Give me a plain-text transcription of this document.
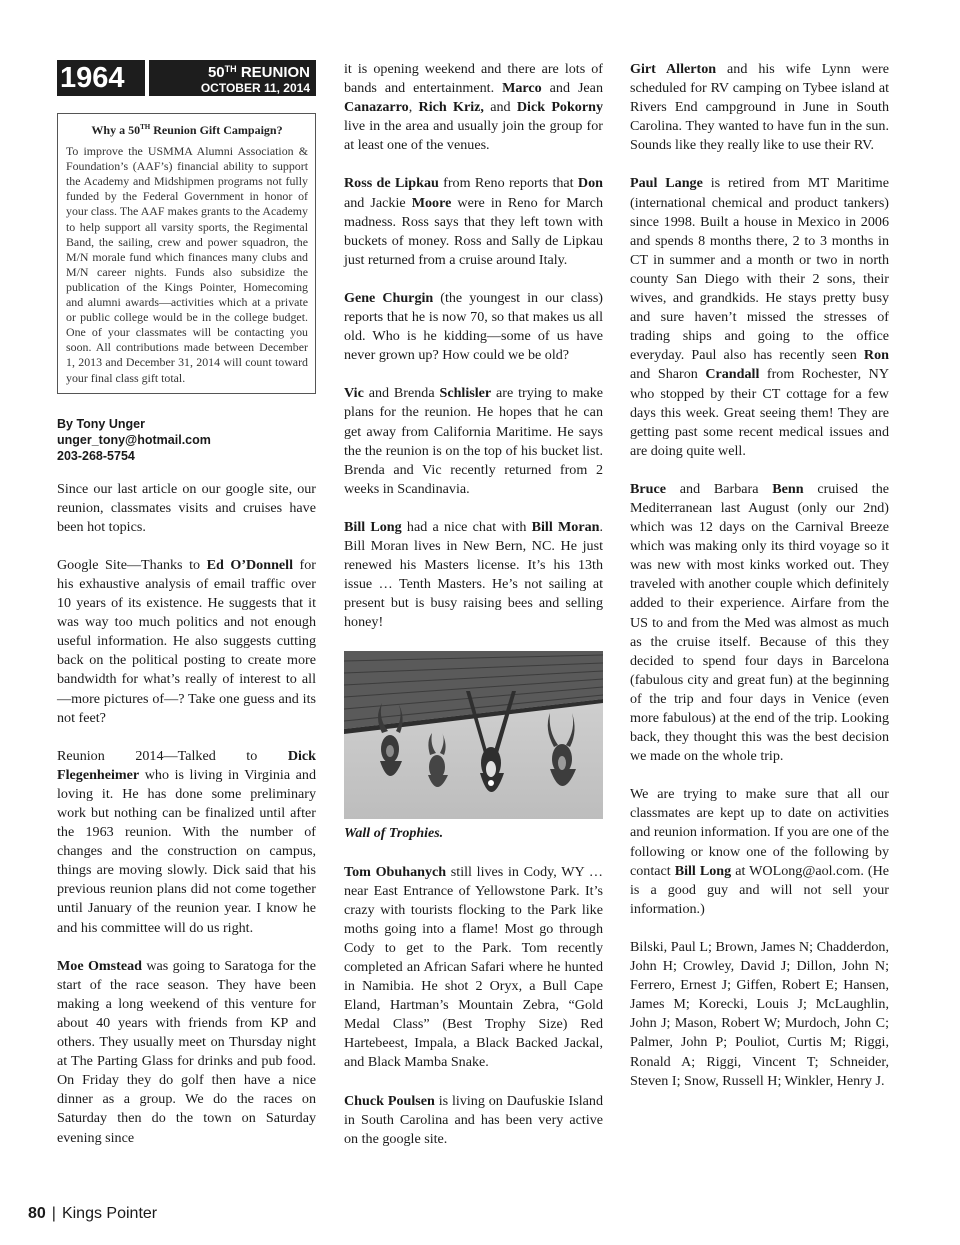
1964	50TH REUNION
OCTOBER 11, 2014
Why a 50TH Reunion Gift Campaign?
To improve the USMMA Alumni Association & Foundation’s (AAF’s) financial ability to support the Academy and Midshipmen programs not fully funded by the Federal Government in honor of your class. The AAF makes grants to the Academy to help support all varsity sports, the Regimental Band, the sailing, crew and power squadron, the M/N morale fund which finances many clubs and M/N career nights. Funds also subsidize the publication of the Kings Pointer, Homecoming and alumni awards—activities which at a private or public college would be in the college budget. One of your classmates will be contacting you soon. All contributions made between December 1, 2013 and December 31, 2014 will count toward your final class gift total.
By Tony Unger
unger_tony@hotmail.com
203-268-5754

Since our last article on our google site, our reunion, classmates visits and cruises have been hot topics.

Google Site—Thanks to Ed O’Donnell for his exhaustive analysis of email traffic over 10 years of its existence. He suggests that it was way too much politics and not enough useful information. He also suggests cutting back on the political posting to create more bandwidth for what’s really of interest to all—more pictures of—? Take one guess and its not feet?

Reunion 2014—Talked to Dick Flegenheimer who is living in Virginia and loving it. He has done some preliminary work but nothing can be finalized until after the 1963 reunion. With the number of changes and the construction on campus, things are moving slowly. Dick said that his previous reunion plans did not come together until January of the reunion year. I know he and his committee will do us right.

Moe Omstead was going to Saratoga for the start of the race season. They have been making a long weekend of this venture for about 40 years with friends from KP and others. They usually meet on Thursday night at The Parting Glass for drinks and pub food. On Friday they do golf then have a nice dinner as a group. We do the races on Saturday then do the town on Saturday evening since

it is opening weekend and there are lots of bands and entertainment. Marco and Jean Canazarro, Rich Kriz, and Dick Pokorny live in the area and usually join the group for at least one of the venues.

Ross de Lipkau from Reno reports that Don and Jackie Moore were in Reno for March madness. Ross says that they left town with buckets of money. Ross and Sally de Lipkau just returned from a cruise around Italy.

Gene Churgin (the youngest in our class) reports that he is now 70, so that makes us all old. Who is he kidding—some of us have never grown up? How could we be old?

Vic and Brenda Schlisler are trying to make plans for the reunion. He hopes that he can get away from California Maritime. He says the the reunion is on the top of his bucket list. Brenda and Vic recently returned from 2 weeks in Scandinavia.

Bill Long had a nice chat with Bill Moran. Bill Moran lives in New Bern, NC. He just renewed his Masters license. It’s his 13th issue … Tenth Masters. He’s not sailing at present but is busy raising bees and selling honey!

Wall of Trophies.

Tom Obuhanych still lives in Cody, WY … near East Entrance of Yellowstone Park. It’s crazy with tourists flocking to the Park like moths going into a flame! Most go through Cody to get to the Park. Tom recently completed an African Safari where he hunted in Namibia. He shot 2 Oryx, a Bull Cape Eland, Hartman’s Mountain Zebra, “Gold Medal Class” (Best Trophy Size) Red Hartebeest, Impala, a Black Backed Jackal, and Black Mamba Snake.

Chuck Poulsen is living on Daufuskie Island in South Carolina and has been very active on the google site.

Girt Allerton and his wife Lynn were scheduled for RV camping on Tybee island at Rivers End campground in June in South Carolina. They wanted to have fun in the sun. Sounds like they really like to use their RV.

Paul Lange is retired from MT Maritime (international chemical and product tankers) since 1998. Built a house in Mexico in 2006 and spends 8 months there, 2 to 3 months in CT in summer and a month or two in north county San Diego with their 2 sons, their wives, and grandkids. He stays pretty busy and sure haven’t missed the stresses of trading ships and going to the office everyday. Paul also has recently seen Ron and Sharon Crandall from Rochester, NY who stopped by their CT cottage for a few days this week. Great seeing them! They are getting past some recent medical issues and are doing quite well.

Bruce and Barbara Benn cruised the Mediterranean last August (only our 2nd) which was 12 days on the Carnival Breeze which was making only its third voyage so it was new with most kinks worked out. They traveled with another couple which definitely added to their experience. Airfare from the US to and from the Med was almost as much as the cruise itself. Because of this they decided to spend four days in Barcelona (fabulous city and great fun) at the beginning of the trip and four days in Venice (even more fabulous) at the end of the trip. Looking back, they thought this was the best decision we made on the whole trip.

We are trying to make sure that all our classmates are kept up to date on activities and reunion information. If you are one of the following or know one of the following by contact Bill Long at WOLong@aol.com. (He is a good guy and will not sell your information.)

Bilski, Paul L; Brown, James N; Chadderdon, John H; Crowley, David J; Dillon, John N; Ferrero, Ernest J; Giffen, Robert E; Hansen, James M; Korecki, Louis J; McLaughlin, John J; Mason, Robert W; Murdoch, John C; Palmer, John P; Pouliot, Curtis M; Riggi, Ronald A; Riggi, Vincent T; Schneider, Steven I; Snow, Russell H; Winkler, Henry J.

80 | Kings Pointer
